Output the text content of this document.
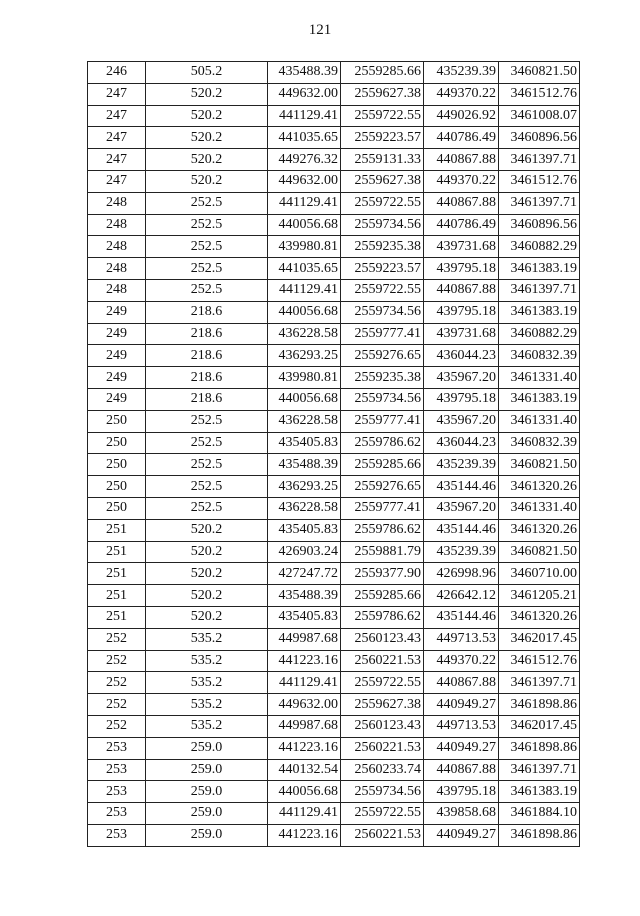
121
246	505.2	435488.39	2559285.66	435239.39	3460821.50
247	520.2	449632.00	2559627.38	449370.22	3461512.76
247	520.2	441129.41	2559722.55	449026.92	3461008.07
247	520.2	441035.65	2559223.57	440786.49	3460896.56
247	520.2	449276.32	2559131.33	440867.88	3461397.71
247	520.2	449632.00	2559627.38	449370.22	3461512.76
248	252.5	441129.41	2559722.55	440867.88	3461397.71
248	252.5	440056.68	2559734.56	440786.49	3460896.56
248	252.5	439980.81	2559235.38	439731.68	3460882.29
248	252.5	441035.65	2559223.57	439795.18	3461383.19
248	252.5	441129.41	2559722.55	440867.88	3461397.71
249	218.6	440056.68	2559734.56	439795.18	3461383.19
249	218.6	436228.58	2559777.41	439731.68	3460882.29
249	218.6	436293.25	2559276.65	436044.23	3460832.39
249	218.6	439980.81	2559235.38	435967.20	3461331.40
249	218.6	440056.68	2559734.56	439795.18	3461383.19
250	252.5	436228.58	2559777.41	435967.20	3461331.40
250	252.5	435405.83	2559786.62	436044.23	3460832.39
250	252.5	435488.39	2559285.66	435239.39	3460821.50
250	252.5	436293.25	2559276.65	435144.46	3461320.26
250	252.5	436228.58	2559777.41	435967.20	3461331.40
251	520.2	435405.83	2559786.62	435144.46	3461320.26
251	520.2	426903.24	2559881.79	435239.39	3460821.50
251	520.2	427247.72	2559377.90	426998.96	3460710.00
251	520.2	435488.39	2559285.66	426642.12	3461205.21
251	520.2	435405.83	2559786.62	435144.46	3461320.26
252	535.2	449987.68	2560123.43	449713.53	3462017.45
252	535.2	441223.16	2560221.53	449370.22	3461512.76
252	535.2	441129.41	2559722.55	440867.88	3461397.71
252	535.2	449632.00	2559627.38	440949.27	3461898.86
252	535.2	449987.68	2560123.43	449713.53	3462017.45
253	259.0	441223.16	2560221.53	440949.27	3461898.86
253	259.0	440132.54	2560233.74	440867.88	3461397.71
253	259.0	440056.68	2559734.56	439795.18	3461383.19
253	259.0	441129.41	2559722.55	439858.68	3461884.10
253	259.0	441223.16	2560221.53	440949.27	3461898.86
